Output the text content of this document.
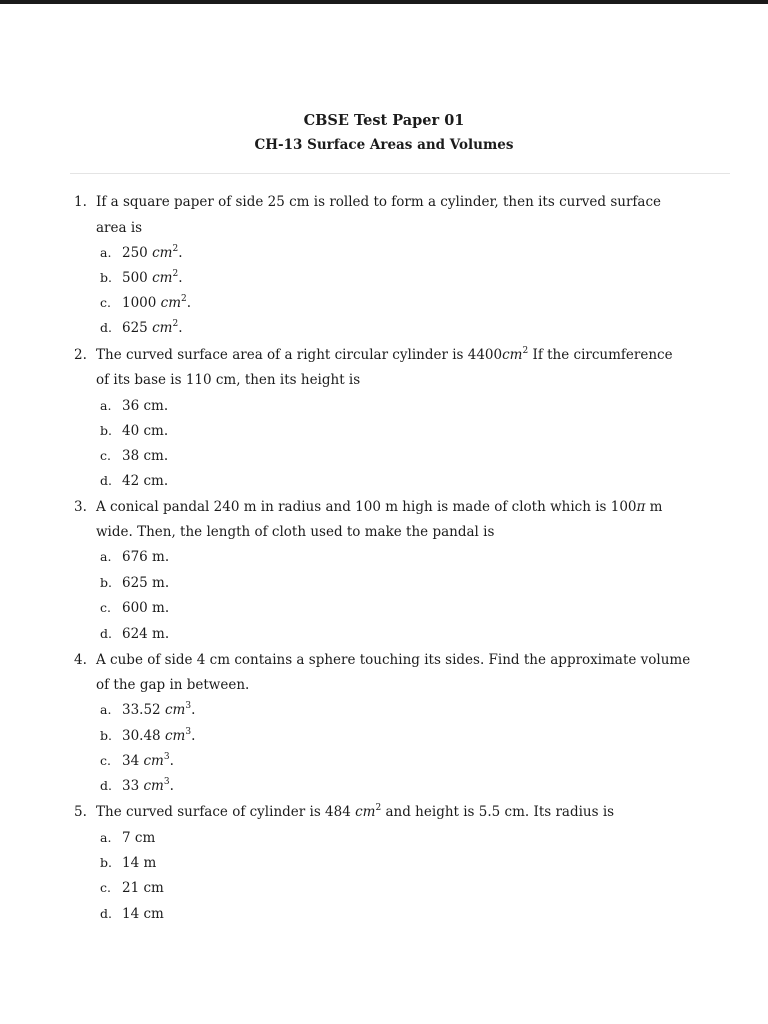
CBSE Test Paper 01
CH-13 Surface Areas and Volumes
1. If a square paper of side 25 cm is rolled to form a cylinder, then its curved surface
area is
a. 250 $cm^2$.
b. 500 $cm^2$.
c. 1000 $cm^2$.
d. 625 $cm^2$.
2. The curved surface area of a right circular cylinder is $4400cm^2$ If the circumference
of its base is 110 cm, then its height is
a. 36 cm.
b. 40 cm.
c. 38 cm.
d. 42 cm.
3. A conical pandal 240 m in radius and 100 m high is made of cloth which is 100π m
wide. Then, the length of cloth used to make the pandal is
a. 676 m.
b. 625 m.
c. 600 m.
d. 624 m.
4. A cube of side 4 cm contains a sphere touching its sides. Find the approximate volume
of the gap in between.
a. 33.52 $cm^3$.
b. 30.48 $cm^3$.
c. 34 $cm^3$.
d. 33 $cm^3$.
5. The curved surface of cylinder is 484 $cm^2$ and height is 5.5 cm. Its radius is
a. 7 cm
b. 14 m
c. 21 cm
d. 14 cm
